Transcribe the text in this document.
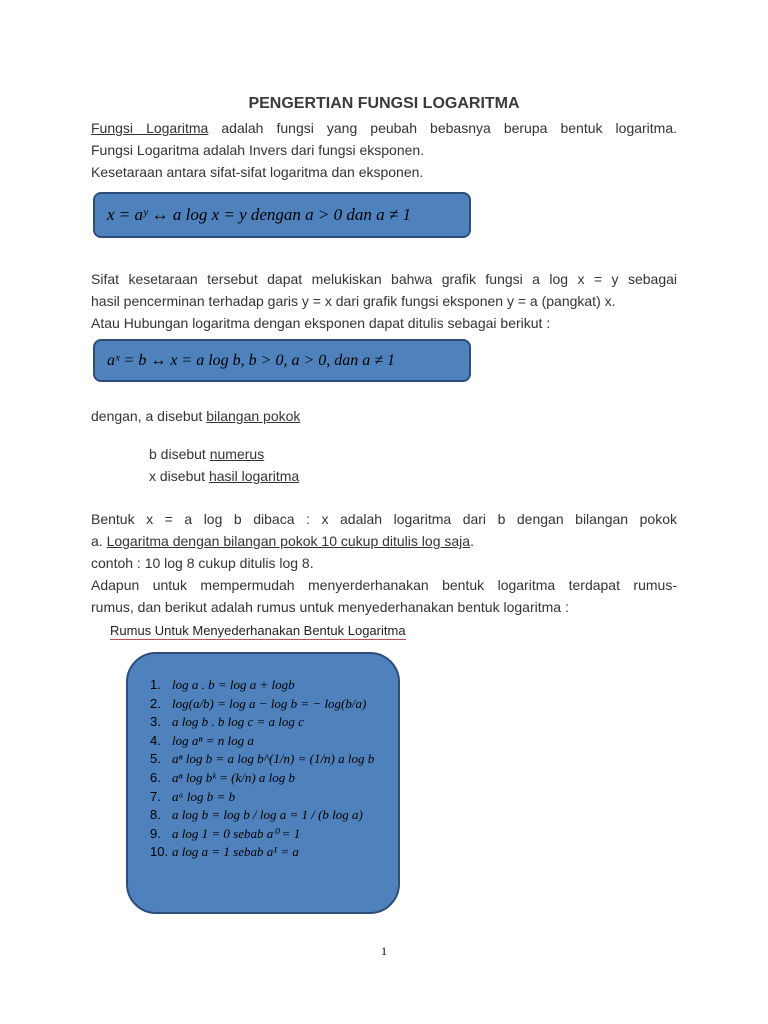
PENGERTIAN FUNGSI LOGARITMA
Fungsi Logaritma adalah fungsi yang peubah bebasnya berupa bentuk logaritma.
Fungsi Logaritma adalah Invers dari fungsi eksponen.
Kesetaraan antara sifat-sifat logaritma dan eksponen.
x = aʸ ↔ a log x = y dengan a > 0 dan a ≠ 1
Sifat kesetaraan tersebut dapat melukiskan bahwa grafik fungsi a log x = y sebagai
hasil pencerminan terhadap garis y = x dari grafik fungsi eksponen y = a (pangkat) x.
Atau Hubungan logaritma dengan eksponen dapat ditulis sebagai berikut :
aˣ = b ↔ x = a log b, b > 0, a > 0, dan a ≠ 1
dengan, a disebut bilangan pokok
b disebut numerus
x disebut hasil logaritma
Bentuk x = a log b dibaca : x adalah logaritma dari b dengan bilangan pokok
a. Logaritma dengan bilangan pokok 10 cukup ditulis log saja.
contoh : 10 log 8 cukup ditulis log 8.
Adapun untuk mempermudah menyerderhanakan bentuk logaritma terdapat rumus-
rumus, dan berikut adalah rumus untuk menyederhanakan bentuk logaritma :
Rumus Untuk Menyederhanakan Bentuk Logaritma
1. log a . b = log a + logb
2. log(a/b) = log a − log b = − log(b/a)
3. a log b . b log c = a log c
4. log aⁿ = n log a
5. aⁿ log b = a log b^(1/n) = (1/n) a log b
6. aⁿ log bᵏ = (k/n) a log b
7. aᵃ log b = b
8. a log b = log b / log a = 1 / (b log a)
9. a log 1 = 0 sebab a⁰ = 1
10. a log a = 1 sebab a¹ = a
1
